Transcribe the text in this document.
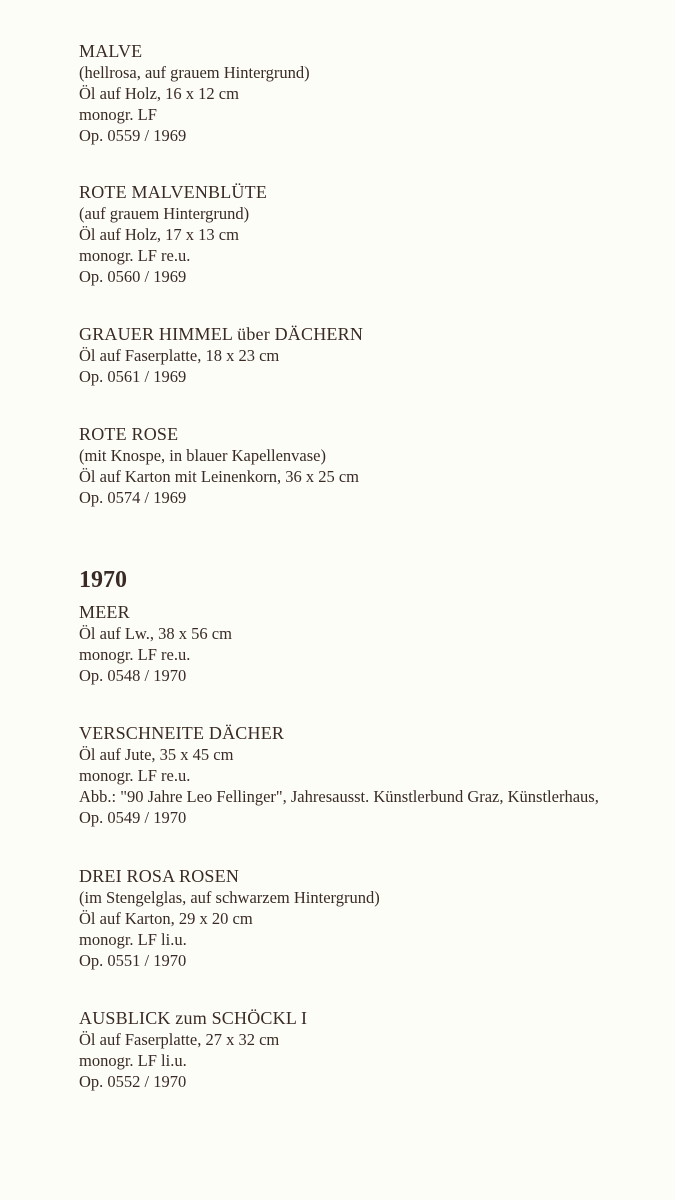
MALVE
(hellrosa, auf grauem Hintergrund)
Öl auf Holz, 16 x 12 cm
monogr. LF
Op. 0559 / 1969
ROTE MALVENBLÜTE
(auf grauem Hintergrund)
Öl auf Holz, 17 x 13 cm
monogr. LF re.u.
Op. 0560 / 1969
GRAUER HIMMEL über DÄCHERN
Öl auf Faserplatte, 18 x 23 cm
Op. 0561 / 1969
ROTE ROSE
(mit Knospe, in blauer Kapellenvase)
Öl auf Karton mit Leinenkorn, 36 x 25 cm
Op. 0574 / 1969
1970
MEER
Öl auf Lw., 38 x 56 cm
monogr. LF re.u.
Op. 0548 / 1970
VERSCHNEITE DÄCHER
Öl auf Jute, 35 x 45 cm
monogr. LF re.u.
Abb.: "90 Jahre Leo Fellinger", Jahresausst. Künstlerbund Graz, Künstlerhaus,
Op. 0549 / 1970
DREI ROSA ROSEN
(im Stengelglas, auf schwarzem Hintergrund)
Öl auf Karton, 29 x 20 cm
monogr. LF li.u.
Op. 0551 / 1970
AUSBLICK zum SCHÖCKL I
Öl auf Faserplatte, 27 x 32 cm
monogr. LF li.u.
Op. 0552 / 1970
